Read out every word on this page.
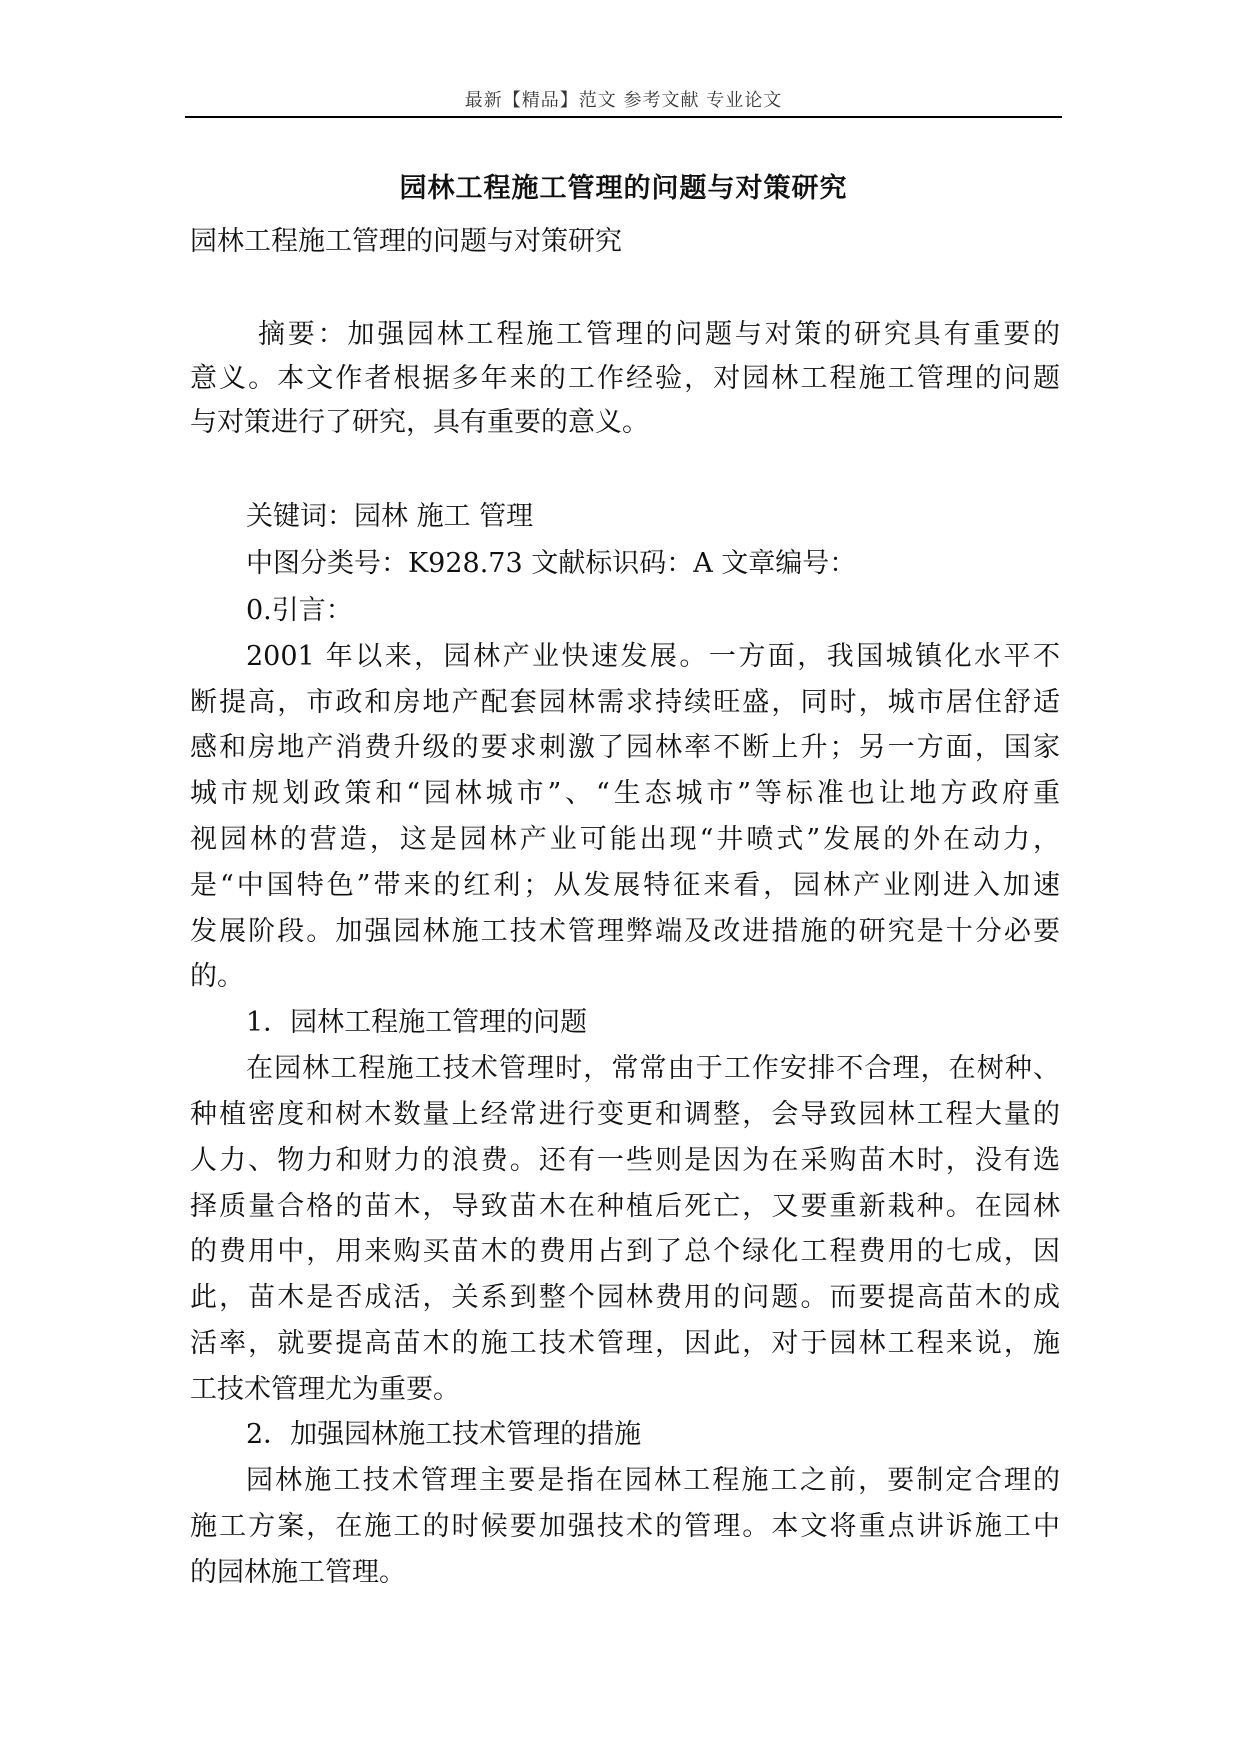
最新【精品】范文 参考文献 专业论文
园林工程施工管理的问题与对策研究
园林工程施工管理的问题与对策研究
摘要：加强园林工程施工管理的问题与对策的研究具有重要的
意义。本文作者根据多年来的工作经验，对园林工程施工管理的问题
与对策进行了研究，具有重要的意义。
关键词：园林 施工 管理
中图分类号：K928.73 文献标识码：A 文章编号：
0.引言：
2001 年以来，园林产业快速发展。一方面，我国城镇化水平不
断提高，市政和房地产配套园林需求持续旺盛，同时，城市居住舒适
感和房地产消费升级的要求刺激了园林率不断上升；另一方面，国家
城市规划政策和“园林城市”、“生态城市”等标准也让地方政府重
视园林的营造，这是园林产业可能出现“井喷式”发展的外在动力，
是“中国特色”带来的红利；从发展特征来看，园林产业刚进入加速
发展阶段。加强园林施工技术管理弊端及改进措施的研究是十分必要
的。
1．园林工程施工管理的问题
在园林工程施工技术管理时，常常由于工作安排不合理，在树种、
种植密度和树木数量上经常进行变更和调整，会导致园林工程大量的
人力、物力和财力的浪费。还有一些则是因为在采购苗木时，没有选
择质量合格的苗木，导致苗木在种植后死亡，又要重新栽种。在园林
的费用中，用来购买苗木的费用占到了总个绿化工程费用的七成，因
此，苗木是否成活，关系到整个园林费用的问题。而要提高苗木的成
活率，就要提高苗木的施工技术管理，因此，对于园林工程来说，施
工技术管理尤为重要。
2．加强园林施工技术管理的措施
园林施工技术管理主要是指在园林工程施工之前，要制定合理的
施工方案，在施工的时候要加强技术的管理。本文将重点讲诉施工中
的园林施工管理。
